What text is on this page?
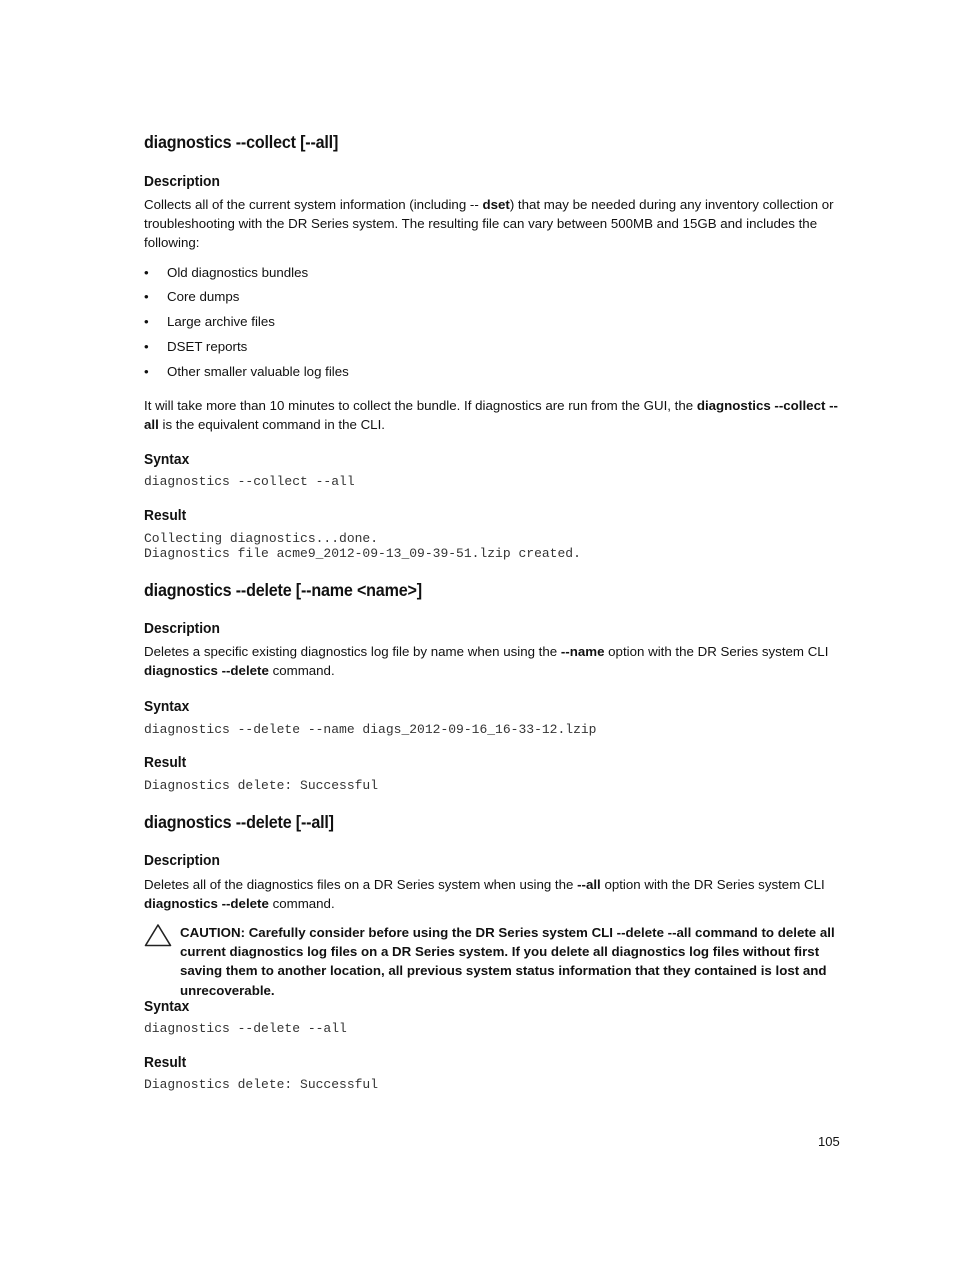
diagnostics --collect [--all]
Description
Collects all of the current system information (including -- dset) that may be needed during any inventory collection or troubleshooting with the DR Series system. The resulting file can vary between 500MB and 15GB and includes the following:
• Old diagnostics bundles
• Core dumps
• Large archive files
• DSET reports
• Other smaller valuable log files
It will take more than 10 minutes to collect the bundle. If diagnostics are run from the GUI, the diagnostics --collect --all is the equivalent command in the CLI.
Syntax
diagnostics --collect --all
Result
Collecting diagnostics...done.
Diagnostics file acme9_2012-09-13_09-39-51.lzip created.
diagnostics --delete [--name <name>]
Description
Deletes a specific existing diagnostics log file by name when using the --name option with the DR Series system CLI diagnostics --delete command.
Syntax
diagnostics --delete --name diags_2012-09-16_16-33-12.lzip
Result
Diagnostics delete: Successful
diagnostics --delete [--all]
Description
Deletes all of the diagnostics files on a DR Series system when using the --all option with the DR Series system CLI diagnostics --delete command.
CAUTION: Carefully consider before using the DR Series system CLI --delete --all command to delete all current diagnostics log files on a DR Series system. If you delete all diagnostics log files without first saving them to another location, all previous system status information that they contained is lost and unrecoverable.
Syntax
diagnostics --delete --all
Result
Diagnostics delete: Successful
105
